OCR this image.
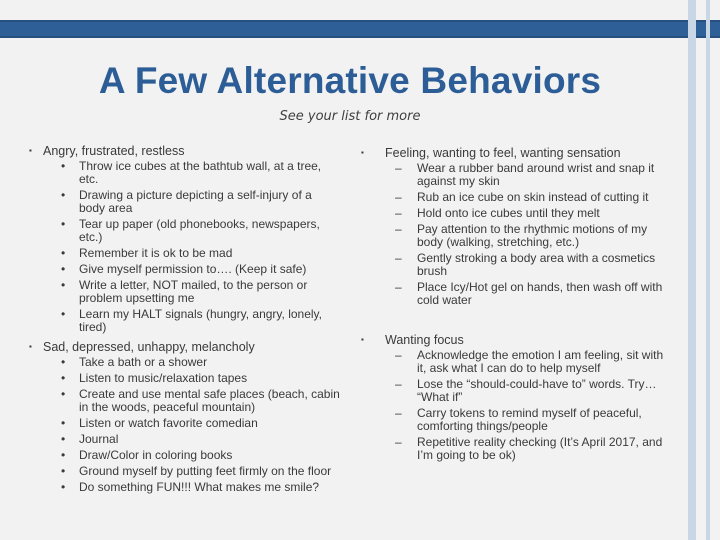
A Few Alternative Behaviors
See your list for more
▪ Angry, frustrated, restless
• Throw ice cubes at the bathtub wall, at a tree, etc.
• Drawing a picture depicting a self-injury of a body area
• Tear up paper (old phonebooks, newspapers, etc.)
• Remember it is ok to be mad
• Give myself permission to…. (Keep it safe)
• Write a letter, NOT mailed, to the person or problem upsetting me
• Learn my HALT signals (hungry, angry, lonely, tired)
▪ Sad, depressed, unhappy, melancholy
• Take a bath or a shower
• Listen to music/relaxation tapes
• Create and use mental safe places (beach, cabin in the woods, peaceful mountain)
• Listen or watch favorite comedian
• Journal
• Draw/Color in coloring books
• Ground myself by putting feet firmly on the floor
• Do something FUN!!! What makes me smile?
▪ Feeling, wanting to feel, wanting sensation
– Wear a rubber band around wrist and snap it against my skin
– Rub an ice cube on skin instead of cutting it
– Hold onto ice cubes until they melt
– Pay attention to the rhythmic motions of my body (walking, stretching, etc.)
– Gently stroking a body area with a cosmetics brush
– Place Icy/Hot gel on hands, then wash off with cold water
▪ Wanting focus
– Acknowledge the emotion I am feeling, sit with it, ask what I can do to help myself
– Lose the “should-could-have to” words. Try… “What if”
– Carry tokens to remind myself of peaceful, comforting things/people
– Repetitive reality checking (It’s April 2017, and I’m going to be ok)
